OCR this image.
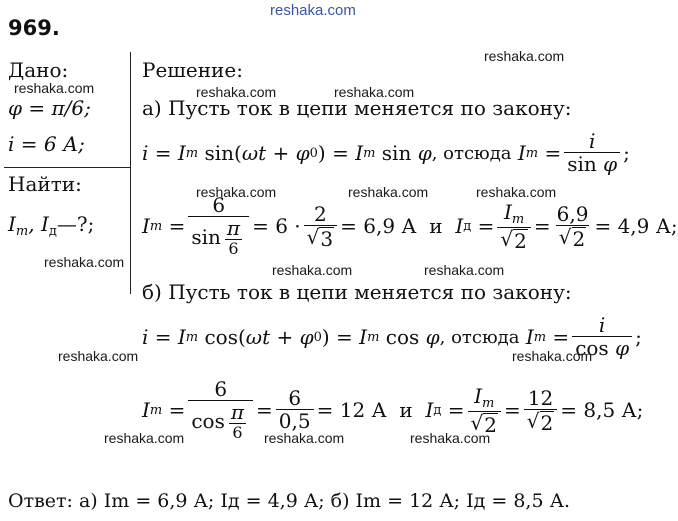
969.
reshaka.com
Дано:
reshaka.com
φ = π/6;
i = 6 А;
Найти:
$I_m$, $I_д—$?;
reshaka.com
Решение:
reshaka.com
reshaka.com	reshaka.com
а) Пусть ток в цепи меняется по закону:
i = I m sin( ωt + φ 0 ) = I m sin φ , отсюда I $m = \frac{i}{\text{sin φ}}$ ;
reshaka.com	reshaka.com	reshaka.com
I $m = \frac{6}{\sin \frac{\pi}{6}} = 6 \cdot \frac{2}{√ 3} = 6,9$ А
и
I $д = \frac{I_m}{√ 2} = \frac{6,9}{√ 2} = 4,9$ А;
reshaka.com	reshaka.com
б) Пусть ток в цепи меняется по закону:
i = I m cos( ωt + φ 0 ) = I m cos φ , отсюда I $m = \frac{i}{\text{cos φ}}$ ;
reshaka.com	reshaka.com
I $m = \frac{6}{\cos \frac{\pi}{6}} = \frac{6}{0,5} = 12$ А
и
I $д = \frac{I_m}{√ 2} = \frac{12}{√ 2} = 8,5$ А;
reshaka.com	reshaka.com	reshaka.com
Ответ: а) Im = 6,9 А; Iд = 4,9 А; б) Im = 12 А; Iд = 8,5 А.
